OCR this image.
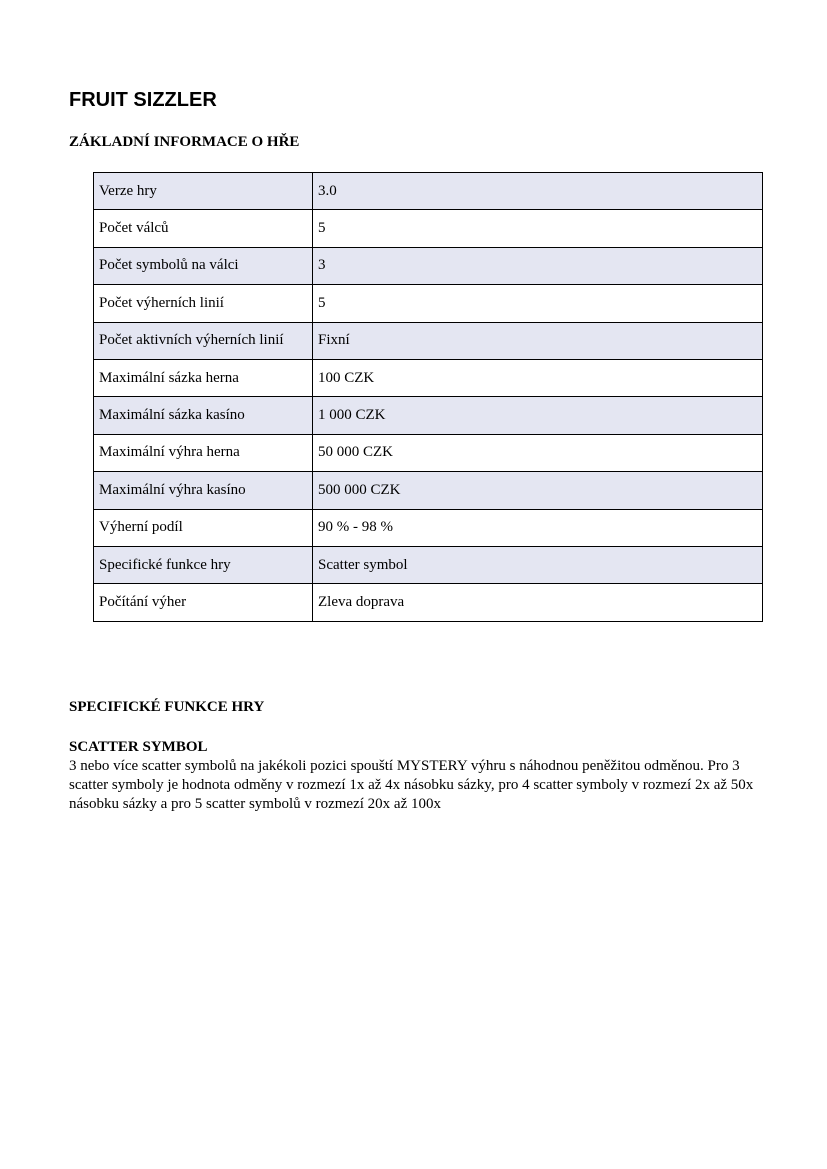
FRUIT SIZZLER
ZÁKLADNÍ INFORMACE O HŘE
Verze hry	3.0
Počet válců	5
Počet symbolů na válci	3
Počet výherních linií	5
Počet aktivních výherních linií	Fixní
Maximální sázka herna	100 CZK
Maximální sázka kasíno	1 000 CZK
Maximální výhra herna	50 000 CZK
Maximální výhra kasíno	500 000 CZK
Výherní podíl	90 % - 98 %
Specifické funkce hry	Scatter symbol
Počítání výher	Zleva doprava
SPECIFICKÉ FUNKCE HRY
SCATTER SYMBOL
3 nebo více scatter symbolů na jakékoli pozici spouští MYSTERY výhru s náhodnou peněžitou odměnou. Pro 3 scatter symboly je hodnota odměny v rozmezí 1x až 4x násobku sázky, pro 4 scatter symboly v rozmezí 2x až 50x násobku sázky a pro 5 scatter symbolů v rozmezí 20x až 100x
